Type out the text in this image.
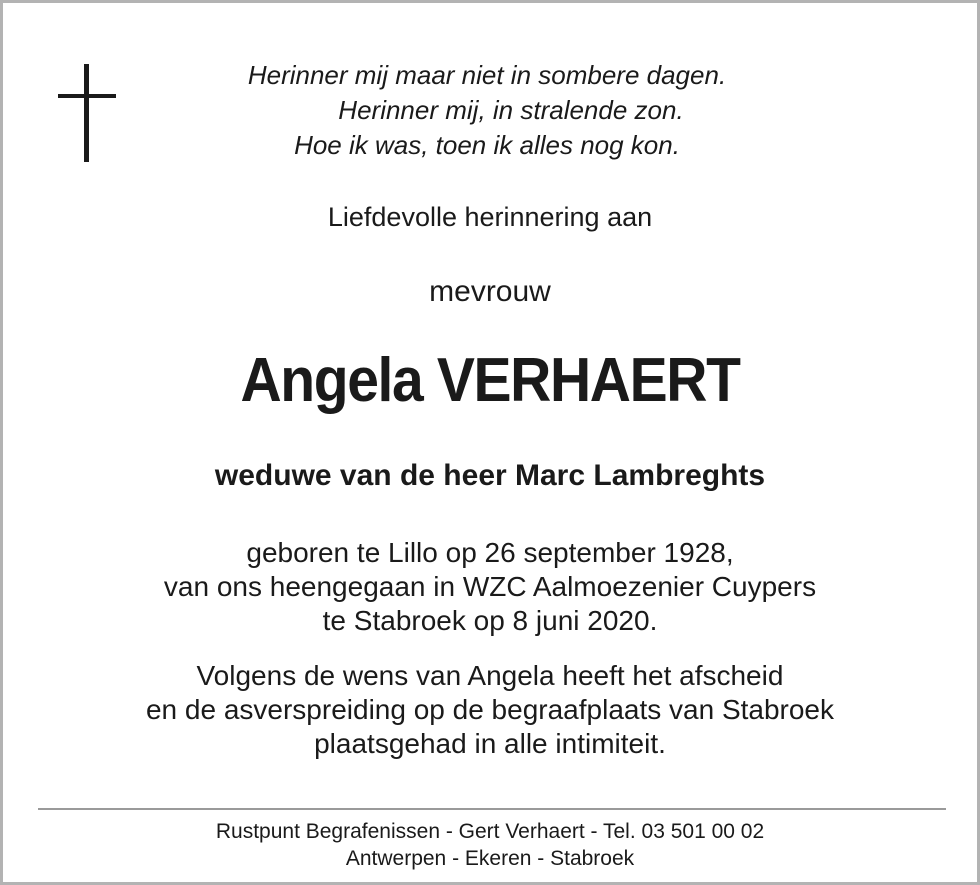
Herinner mij maar niet in sombere dagen.
Herinner mij, in stralende zon.
Hoe ik was, toen ik alles nog kon.
Liefdevolle herinnering aan
mevrouw
Angela VERHAERT
weduwe van de heer Marc Lambreghts
geboren te Lillo op 26 september 1928,
van ons heengegaan in WZC Aalmoezenier Cuypers
te Stabroek op 8 juni 2020.
Volgens de wens van Angela heeft het afscheid
en de asverspreiding op de begraafplaats van Stabroek
plaatsgehad in alle intimiteit.
Rustpunt Begrafenissen - Gert Verhaert - Tel. 03 501 00 02
Antwerpen - Ekeren - Stabroek
